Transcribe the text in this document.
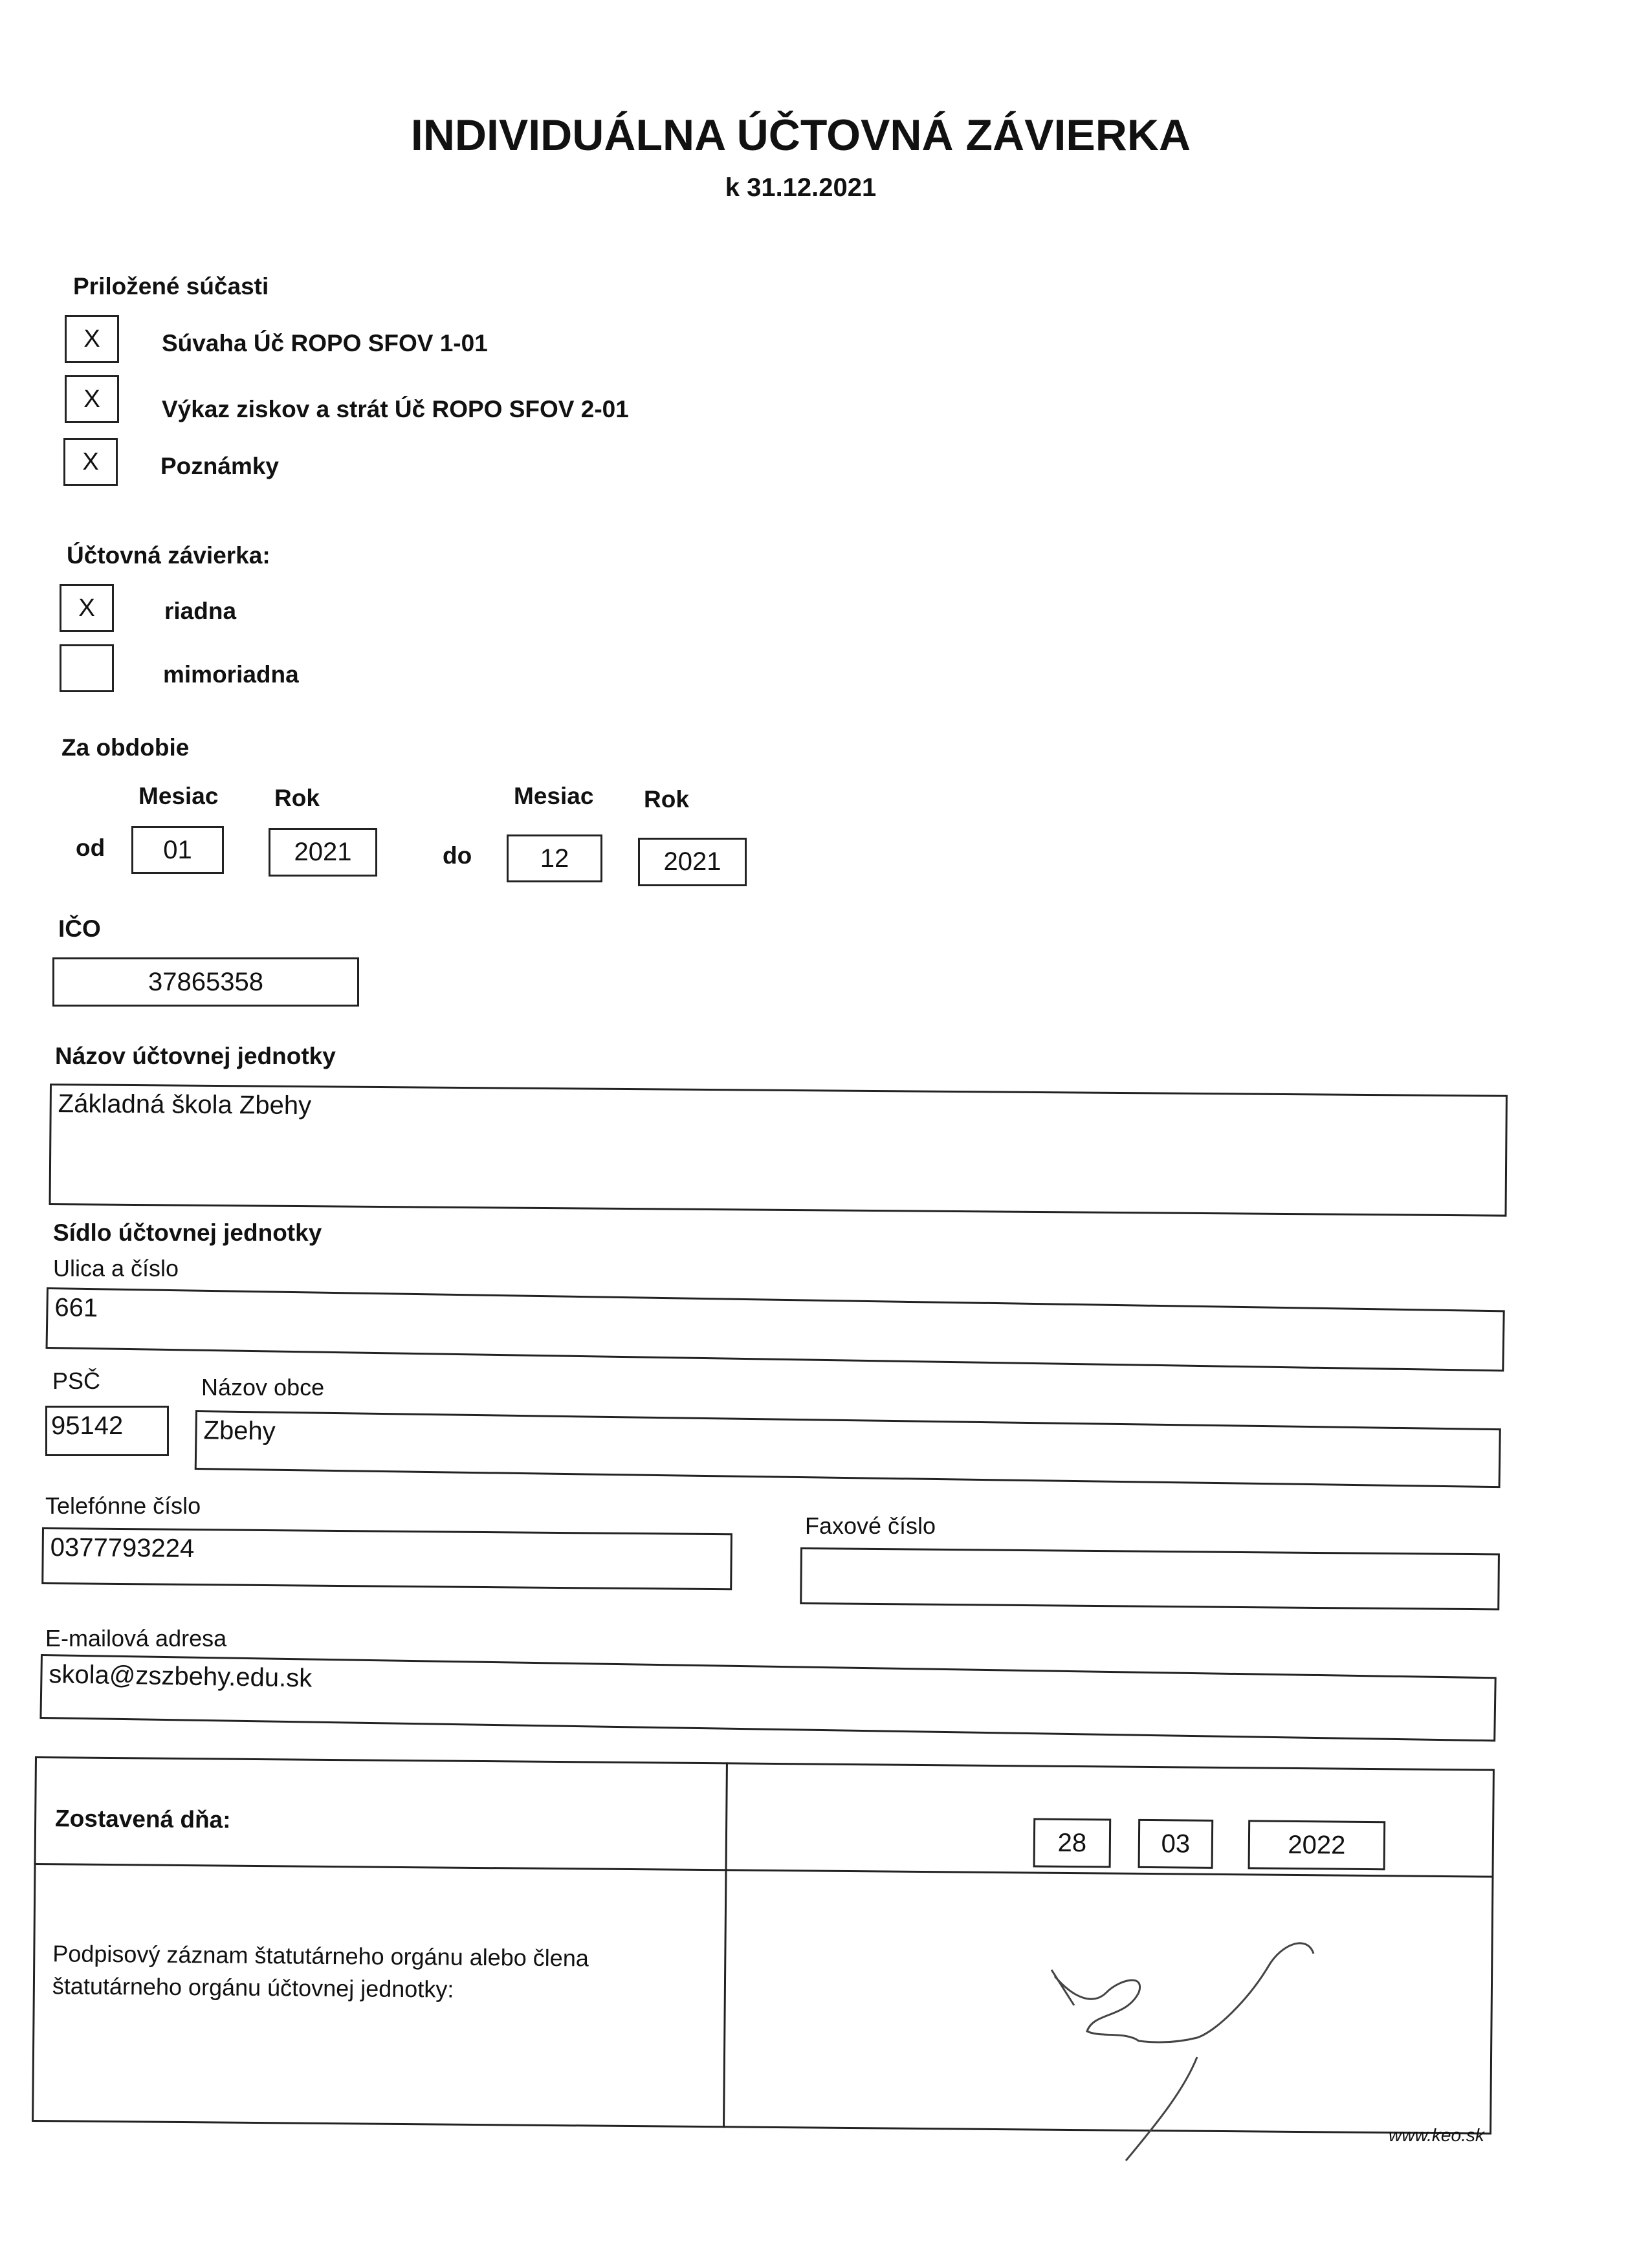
INDIVIDUÁLNA ÚČTOVNÁ ZÁVIERKA
k 31.12.2021
Priložené súčasti
X	Súvaha Úč ROPO SFOV 1-01
X	Výkaz ziskov a strát Úč ROPO SFOV 2-01
X	Poznámky
Účtovná závierka:
X	riadna
mimoriadna
Za obdobie
Mesiac Rok	Mesiac Rok
od	01	2021	do	12	2021
IČO
37865358
Názov účtovnej jednotky
Základná škola Zbehy
Sídlo účtovnej jednotky
Ulica a číslo
661
PSČ	Názov obce
95142	Zbehy
Telefónne číslo
0377793224
Faxové číslo
E-mailová adresa
skola@zszbehy.edu.sk
Zostavená dňa:
28	03	2022
Podpisový záznam štatutárneho orgánu alebo člena štatutárneho orgánu účtovnej jednotky:
www.keo.sk
